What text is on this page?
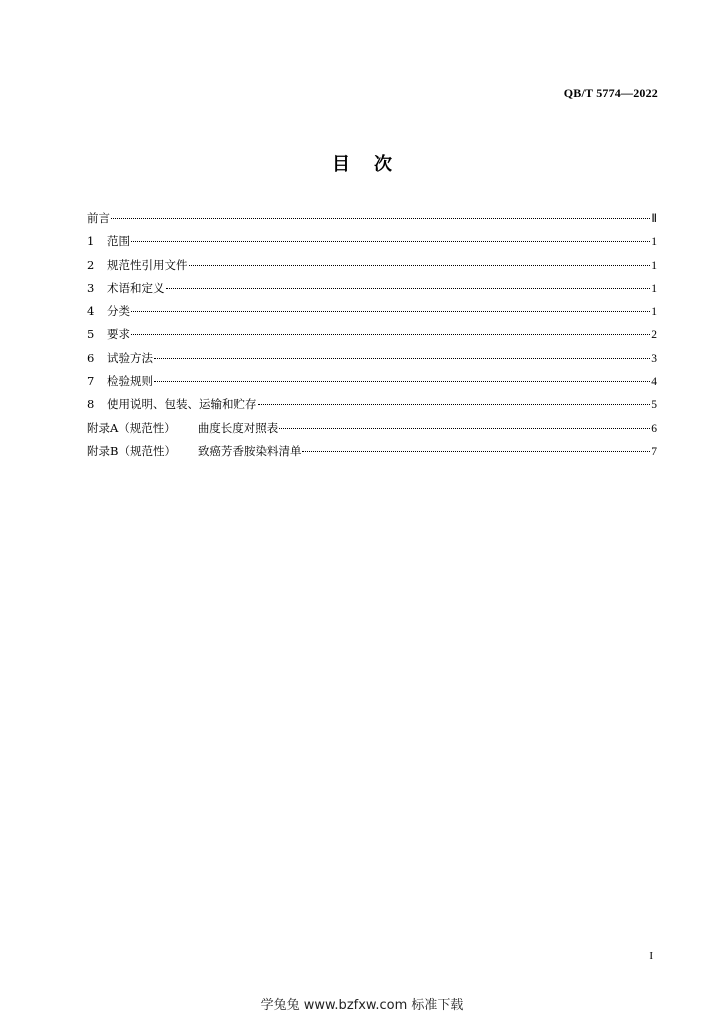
QB/T 5774—2022
目次
前言	Ⅱ
1	范围	1
2	规范性引用文件	1
3	术语和定义	1
4	分类	1
5	要求	2
6	试验方法	3
7	检验规则	4
8	使用说明、包装、运输和贮存	5
附录A（规范性） 曲度长度对照表	6
附录B（规范性） 致癌芳香胺染料清单	7
I
学兔兔 www.bzfxw.com 标准下载
